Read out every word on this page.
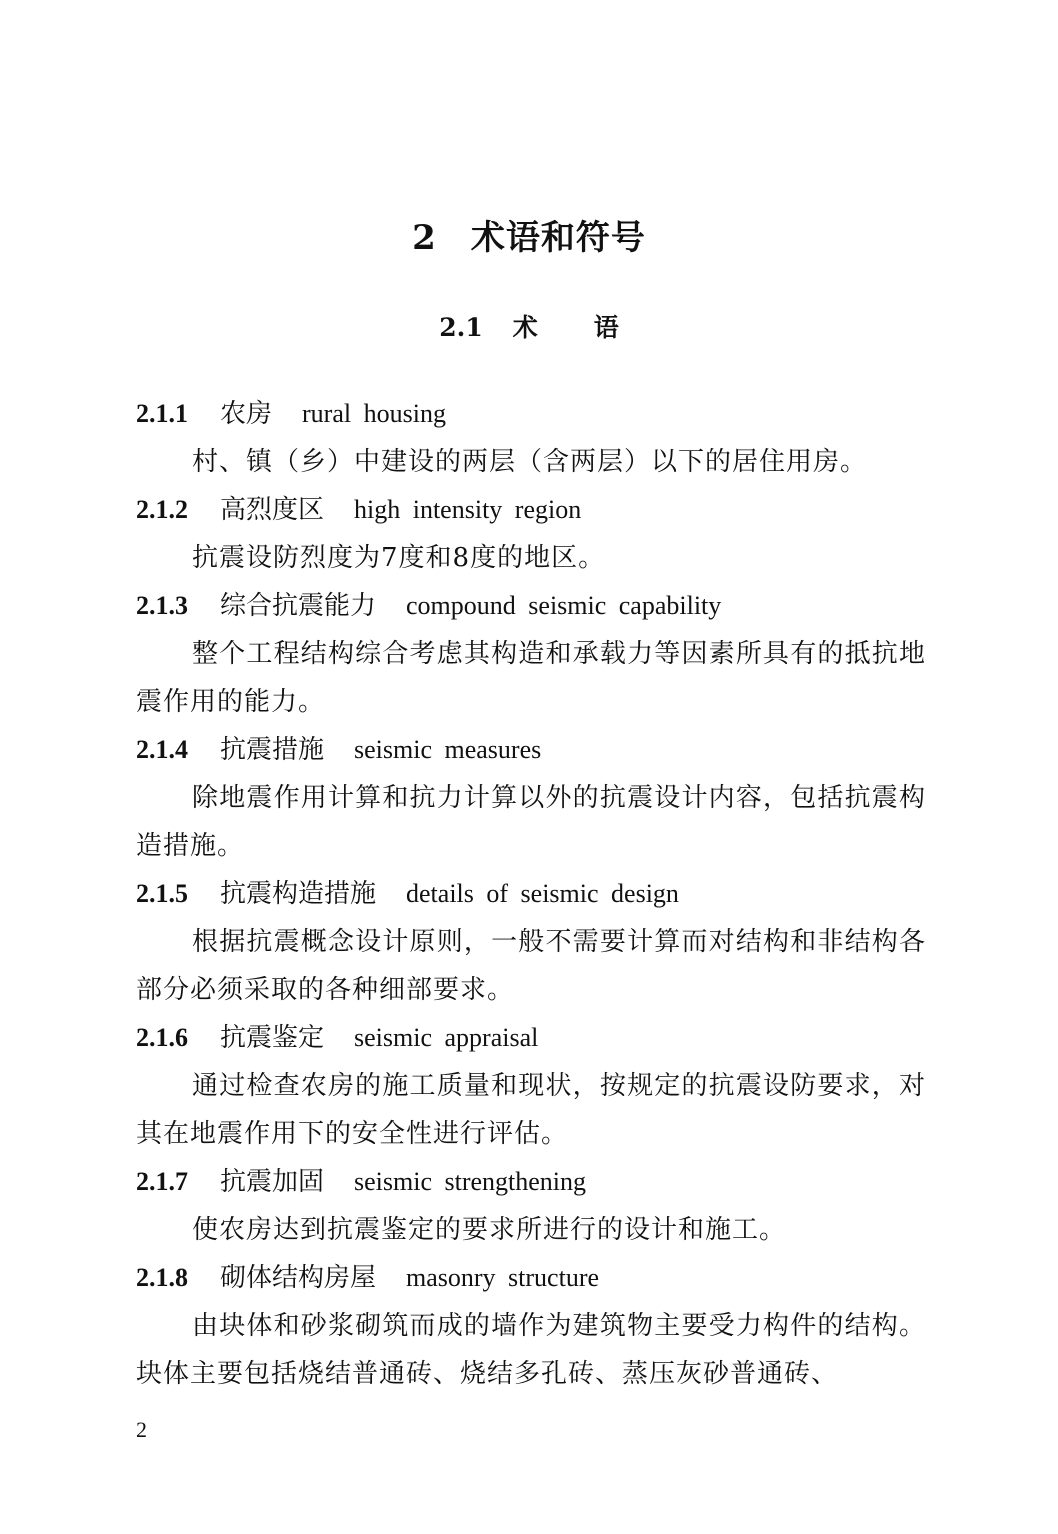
2 术语和符号
2.1 术 语
2.1.1 农房 rural housing
村、镇（乡）中建设的两层（含两层）以下的居住用房。
2.1.2 高烈度区 high intensity region
抗震设防烈度为7度和8度的地区。
2.1.3 综合抗震能力 compound seismic capability
整个工程结构综合考虑其构造和承载力等因素所具有的抵抗地震作用的能力。
2.1.4 抗震措施 seismic measures
除地震作用计算和抗力计算以外的抗震设计内容，包括抗震构造措施。
2.1.5 抗震构造措施 details of seismic design
根据抗震概念设计原则，一般不需要计算而对结构和非结构各部分必须采取的各种细部要求。
2.1.6 抗震鉴定 seismic appraisal
通过检查农房的施工质量和现状，按规定的抗震设防要求，对其在地震作用下的安全性进行评估。
2.1.7 抗震加固 seismic strengthening
使农房达到抗震鉴定的要求所进行的设计和施工。
2.1.8 砌体结构房屋 masonry structure
由块体和砂浆砌筑而成的墙作为建筑物主要受力构件的结构。块体主要包括烧结普通砖、烧结多孔砖、蒸压灰砂普通砖、
2
